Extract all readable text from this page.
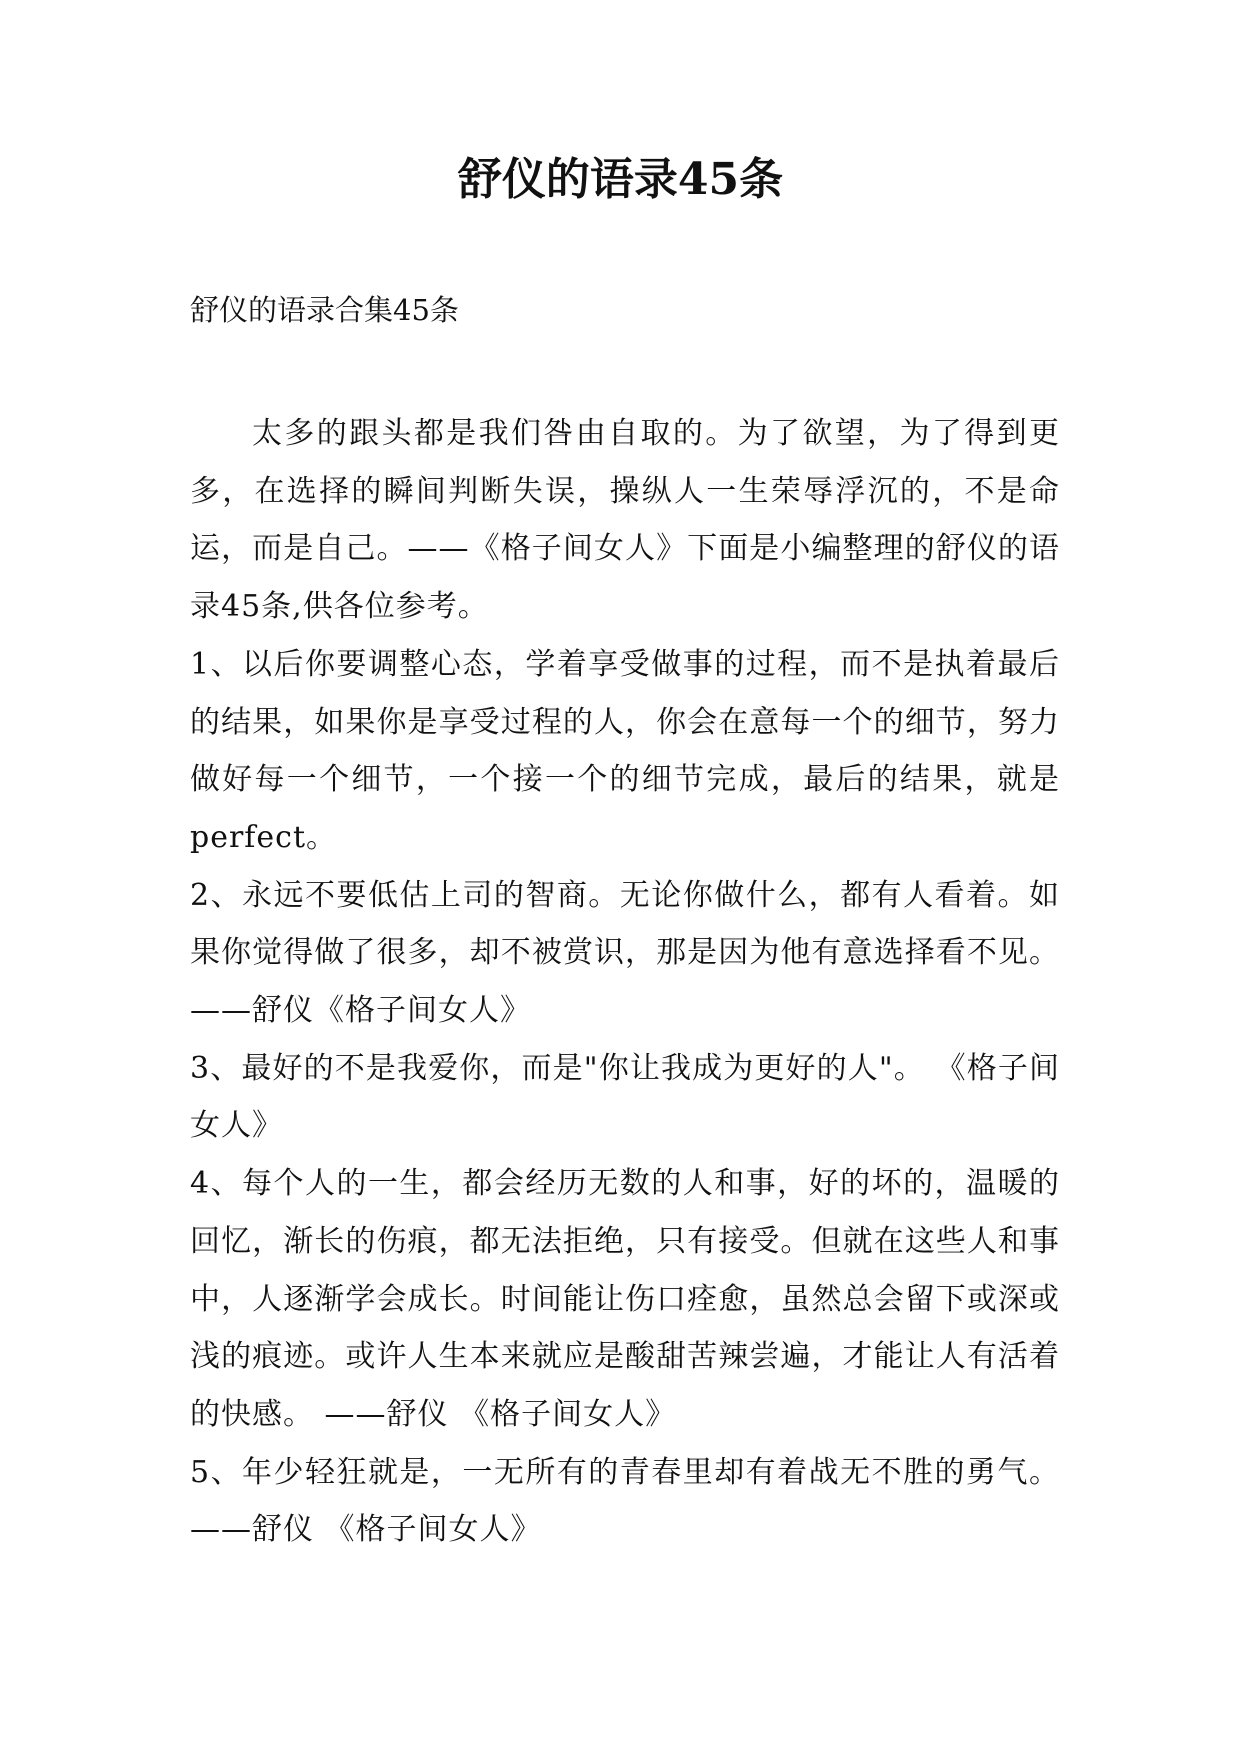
舒仪的语录45条

舒仪的语录合集45条

太多的跟头都是我们咎由自取的。为了欲望，为了得到更多，在选择的瞬间判断失误，操纵人一生荣辱浮沉的，不是命运，而是自己。——《格子间女人》下面是小编整理的舒仪的语录45条,供各位参考。

1、以后你要调整心态，学着享受做事的过程，而不是执着最后的结果，如果你是享受过程的人，你会在意每一个的细节，努力做好每一个细节，一个接一个的细节完成，最后的结果，就是perfect。

2、永远不要低估上司的智商。无论你做什么，都有人看着。如果你觉得做了很多，却不被赏识，那是因为他有意选择看不见。——舒仪《格子间女人》

3、最好的不是我爱你，而是"你让我成为更好的人"。 《格子间女人》

4、每个人的一生，都会经历无数的人和事，好的坏的，温暖的回忆，渐长的伤痕，都无法拒绝，只有接受。但就在这些人和事中，人逐渐学会成长。时间能让伤口痊愈，虽然总会留下或深或浅的痕迹。或许人生本来就应是酸甜苦辣尝遍，才能让人有活着的快感。 ——舒仪 《格子间女人》

5、年少轻狂就是，一无所有的青春里却有着战无不胜的勇气。 ——舒仪 《格子间女人》
